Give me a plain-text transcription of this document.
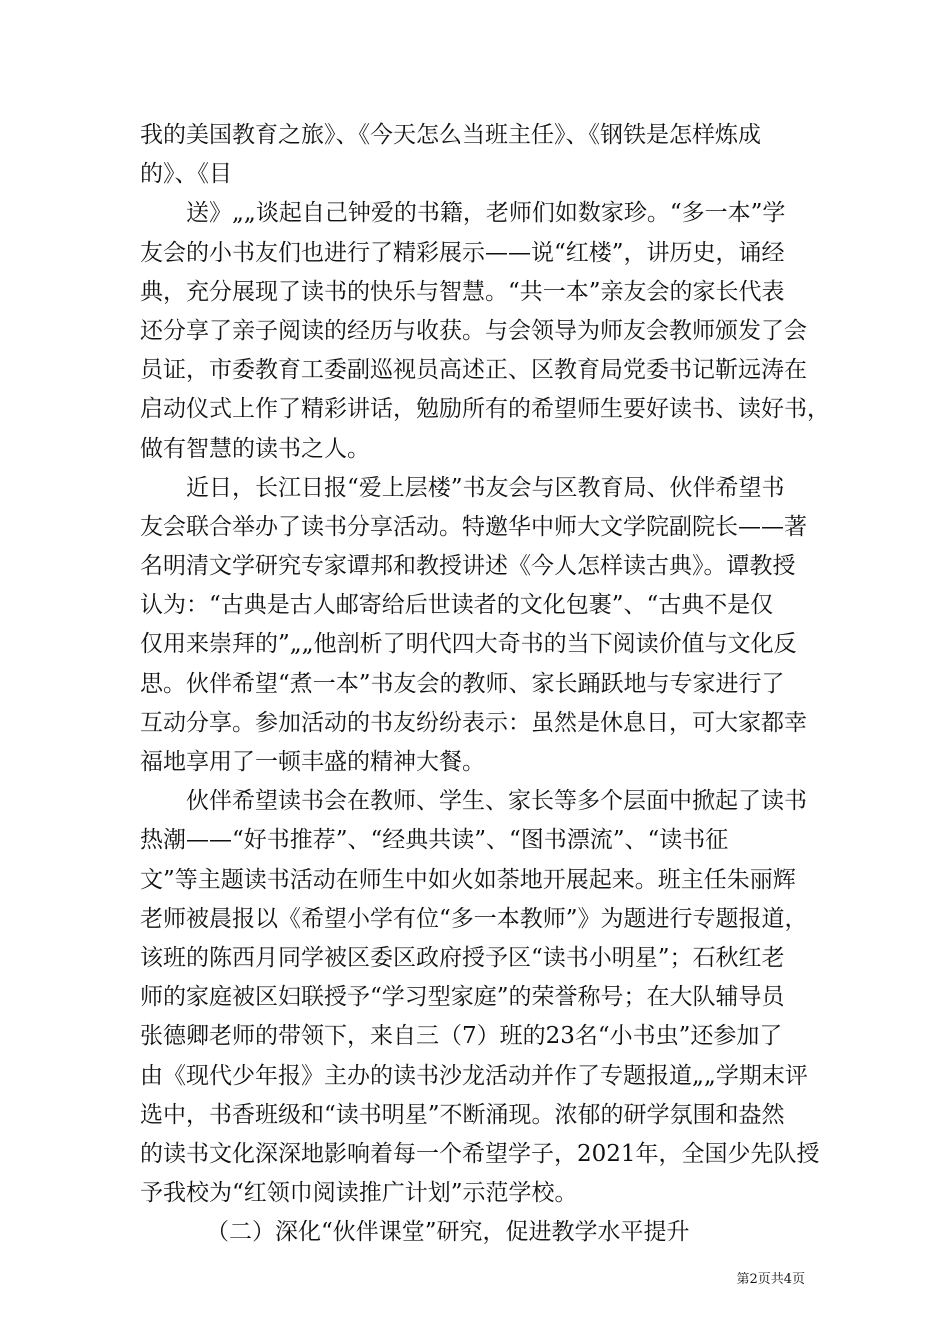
我的美国教育之旅》、《今天怎么当班主任》、《钢铁是怎样炼成
的》、《目
送》„„谈起自己钟爱的书籍，老师们如数家珍。“多一本”学
友会的小书友们也进行了精彩展示——说“红楼”，讲历史，诵经
典，充分展现了读书的快乐与智慧。“共一本”亲友会的家长代表
还分享了亲子阅读的经历与收获。与会领导为师友会教师颁发了会
员证，市委教育工委副巡视员高述正、区教育局党委书记靳远涛在
启动仪式上作了精彩讲话，勉励所有的希望师生要好读书、读好书，
做有智慧的读书之人。
近日，长江日报“爱上层楼”书友会与区教育局、伙伴希望书
友会联合举办了读书分享活动。特邀华中师大文学院副院长——著
名明清文学研究专家谭邦和教授讲述《今人怎样读古典》。谭教授
认为：“古典是古人邮寄给后世读者的文化包裹”、“古典不是仅
仅用来崇拜的”„„他剖析了明代四大奇书的当下阅读价值与文化反
思。伙伴希望“煮一本”书友会的教师、家长踊跃地与专家进行了
互动分享。参加活动的书友纷纷表示：虽然是休息日，可大家都幸
福地享用了一顿丰盛的精神大餐。
伙伴希望读书会在教师、学生、家长等多个层面中掀起了读书
热潮——“好书推荐”、“经典共读”、“图书漂流”、“读书征
文”等主题读书活动在师生中如火如荼地开展起来。班主任朱丽辉
老师被晨报以《希望小学有位“多一本教师”》为题进行专题报道，
该班的陈西月同学被区委区政府授予区“读书小明星”；石秋红老
师的家庭被区妇联授予“学习型家庭”的荣誉称号；在大队辅导员
张德卿老师的带领下，来自三（7）班的23名“小书虫”还参加了
由《现代少年报》主办的读书沙龙活动并作了专题报道„„学期末评
选中，书香班级和“读书明星”不断涌现。浓郁的研学氛围和盎然
的读书文化深深地影响着每一个希望学子，2021年，全国少先队授
予我校为“红领巾阅读推广计划”示范学校。
（二）深化“伙伴课堂”研究，促进教学水平提升
第2页共4页
